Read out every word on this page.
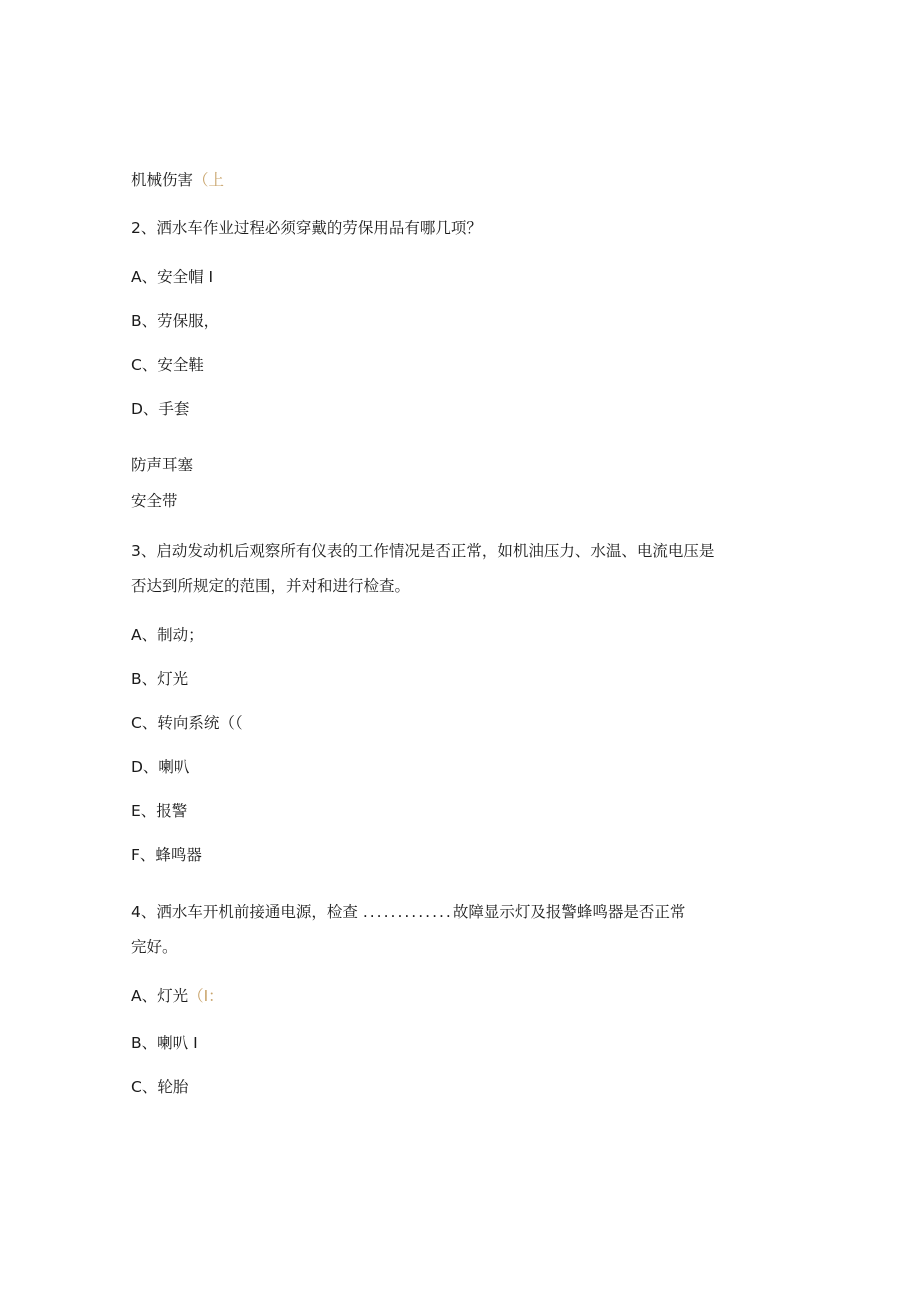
机械伤害（上
2、洒水车作业过程必须穿戴的劳保用品有哪几项？
A、安全帽 I
B、劳保服，
C、安全鞋
D、手套
防声耳塞
安全带
3、启动发动机后观察所有仪表的工作情况是否正常，如机油压力、水温、电流电压是
否达到所规定的范围，并对和进行检查。
A、制动；
B、灯光
C、转向系统（（
D、喇叭
E、报警
F、蜂鸣器
4、洒水车开机前接通电源，检查 .............故障显示灯及报警蜂鸣器是否正常
完好。
A、灯光（I：
B、喇叭 I
C、轮胎
